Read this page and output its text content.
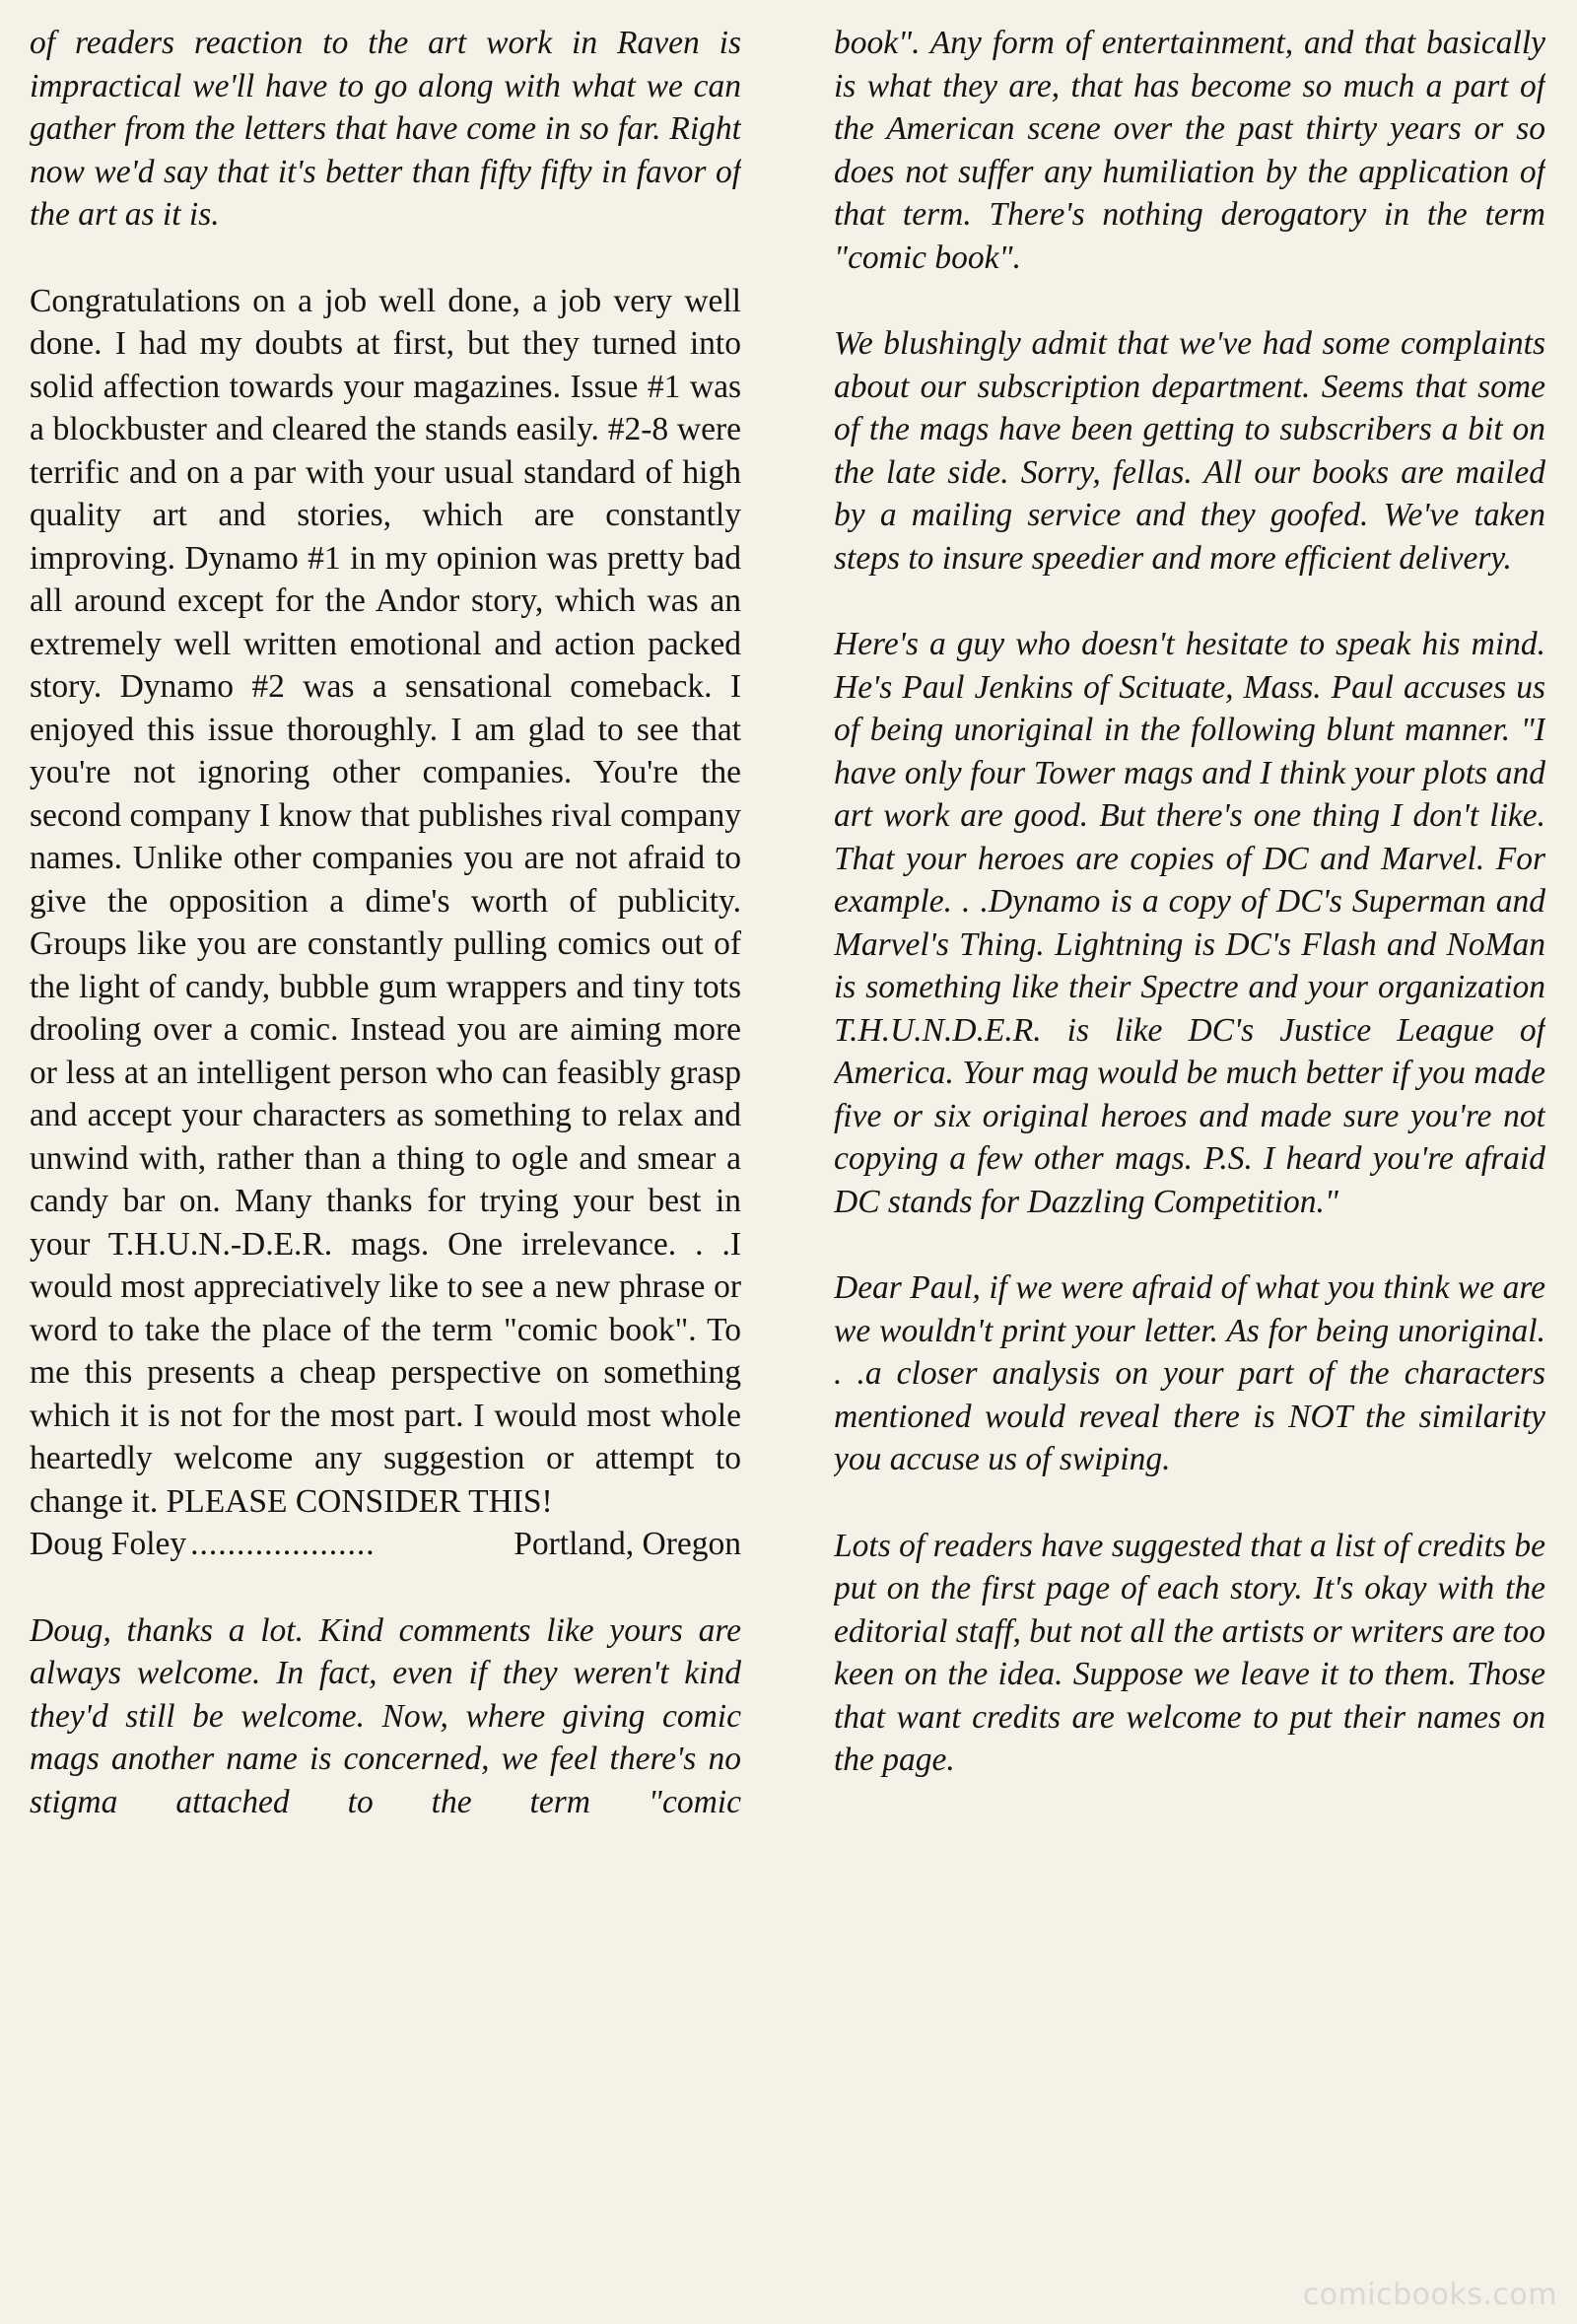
of readers reaction to the art work in Raven is impractical we'll have to go along with what we can gather from the letters that have come in so far. Right now we'd say that it's better than fifty fifty in favor of the art as it is.

Congratulations on a job well done, a job very well done. I had my doubts at first, but they turned into solid affection towards your magazines. Issue #1 was a blockbuster and cleared the stands easily. #2-8 were terrific and on a par with your usual standard of high quality art and stories, which are constantly improving. Dynamo #1 in my opinion was pretty bad all around except for the Andor story, which was an extremely well written emotional and action packed story. Dynamo #2 was a sensational comeback. I enjoyed this issue thoroughly. I am glad to see that you're not ignoring other companies. You're the second company I know that publishes rival company names. Unlike other companies you are not afraid to give the opposition a dime's worth of publicity. Groups like you are constantly pulling comics out of the light of candy, bubble gum wrappers and tiny tots drooling over a comic. Instead you are aiming more or less at an intelligent person who can feasibly grasp and accept your characters as something to relax and unwind with, rather than a thing to ogle and smear a candy bar on. Many thanks for trying your best in your T.H.U.N.-D.E.R. mags. One irrelevance. . .I would most appreciatively like to see a new phrase or word to take the place of the term "comic book". To me this presents a cheap perspective on something which it is not for the most part. I would most whole heartedly welcome any suggestion or attempt to change it. PLEASE CONSIDER THIS!

Doug Foley ....................	Portland, Oregon

Doug, thanks a lot. Kind comments like yours are always welcome. In fact, even if they weren't kind they'd still be welcome. Now, where giving comic mags another name is concerned, we feel there's no stigma attached to the term "comic

book". Any form of entertainment, and that basically is what they are, that has become so much a part of the American scene over the past thirty years or so does not suffer any humiliation by the application of that term. There's nothing derogatory in the term "comic book".

We blushingly admit that we've had some complaints about our subscription department. Seems that some of the mags have been getting to subscribers a bit on the late side. Sorry, fellas. All our books are mailed by a mailing service and they goofed. We've taken steps to insure speedier and more efficient delivery.

Here's a guy who doesn't hesitate to speak his mind. He's Paul Jenkins of Scituate, Mass. Paul accuses us of being unoriginal in the following blunt manner. "I have only four Tower mags and I think your plots and art work are good. But there's one thing I don't like. That your heroes are copies of DC and Marvel. For example. . .Dynamo is a copy of DC's Superman and Marvel's Thing. Lightning is DC's Flash and NoMan is something like their Spectre and your organization T.H.U.N.D.E.R. is like DC's Justice League of America. Your mag would be much better if you made five or six original heroes and made sure you're not copying a few other mags. P.S. I heard you're afraid DC stands for Dazzling Competition."

Dear Paul, if we were afraid of what you think we are we wouldn't print your letter. As for being unoriginal. . .a closer analysis on your part of the characters mentioned would reveal there is NOT the similarity you accuse us of swiping.

Lots of readers have suggested that a list of credits be put on the first page of each story. It's okay with the editorial staff, but not all the artists or writers are too keen on the idea. Suppose we leave it to them. Those that want credits are welcome to put their names on the page.

comicbooks.com
